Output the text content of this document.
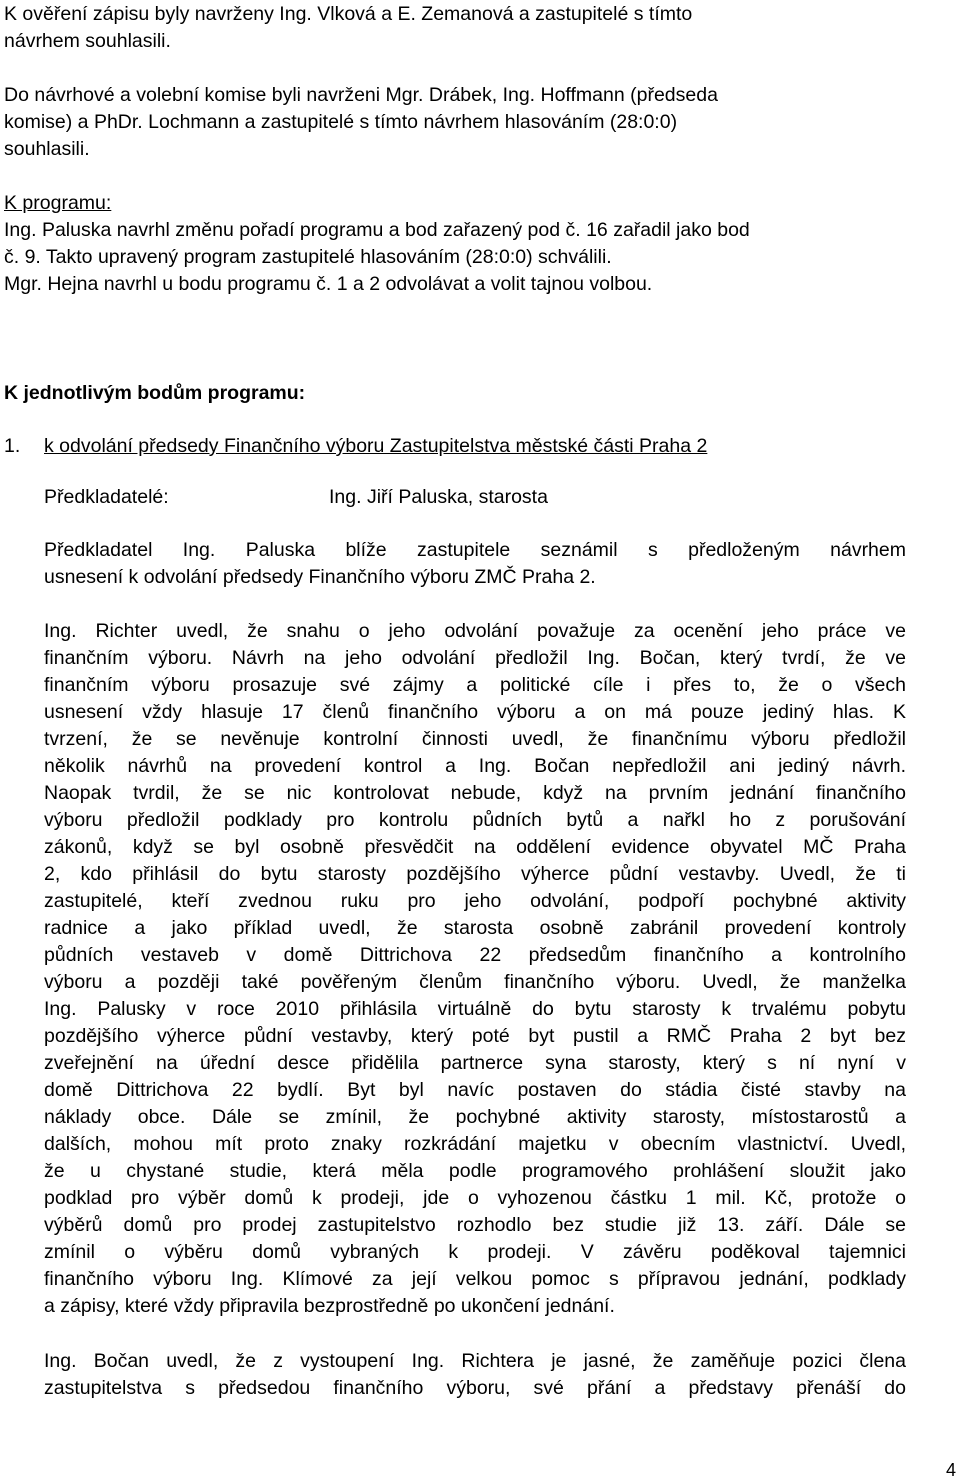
K ověření zápisu byly navrženy Ing. Vlková a E. Zemanová a zastupitelé s tímto
návrhem souhlasili.
Do návrhové a volební komise byli navrženi Mgr. Drábek, Ing. Hoffmann (předseda
komise) a PhDr. Lochmann a zastupitelé s tímto návrhem hlasováním (28:0:0)
souhlasili.
K programu:
Ing. Paluska navrhl změnu pořadí programu a bod zařazený pod č. 16 zařadil jako bod
č. 9. Takto upravený program zastupitelé hlasováním (28:0:0) schválili.
Mgr. Hejna navrhl u bodu programu č. 1 a 2 odvolávat a volit tajnou volbou.
K jednotlivým bodům programu:
1. k odvolání předsedy Finančního výboru Zastupitelstva městské části Praha 2
Předkladatelé:	Ing. Jiří Paluska, starosta
Předkladatel Ing. Paluska blíže zastupitele seznámil s předloženým návrhem
usnesení k odvolání předsedy Finančního výboru ZMČ Praha 2.
Ing. Richter uvedl, že snahu o jeho odvolání považuje za ocenění jeho práce ve
finančním výboru. Návrh na jeho odvolání předložil Ing. Bočan, který tvrdí, že ve
finančním výboru prosazuje své zájmy a politické cíle i přes to, že o všech
usnesení vždy hlasuje 17 členů finančního výboru a on má pouze jediný hlas. K
tvrzení, že se nevěnuje kontrolní činnosti uvedl, že finančnímu výboru předložil
několik návrhů na provedení kontrol a Ing. Bočan nepředložil ani jediný návrh.
Naopak tvrdil, že se nic kontrolovat nebude, když na prvním jednání finančního
výboru předložil podklady pro kontrolu půdních bytů a nařkl ho z porušování
zákonů, když se byl osobně přesvědčit na oddělení evidence obyvatel MČ Praha
2, kdo přihlásil do bytu starosty pozdějšího výherce půdní vestavby. Uvedl, že ti
zastupitelé, kteří zvednou ruku pro jeho odvolání, podpoří pochybné aktivity
radnice a jako příklad uvedl, že starosta osobně zabránil provedení kontroly
půdních vestaveb v domě Dittrichova 22 předsedům finančního a kontrolního
výboru a později také pověřeným členům finančního výboru. Uvedl, že manželka
Ing. Palusky v roce 2010 přihlásila virtuálně do bytu starosty k trvalému pobytu
pozdějšího výherce půdní vestavby, který poté byt pustil a RMČ Praha 2 byt bez
zveřejnění na úřední desce přidělila partnerce syna starosty, který s ní nyní v
domě Dittrichova 22 bydlí. Byt byl navíc postaven do stádia čisté stavby na
náklady obce. Dále se zmínil, že pochybné aktivity starosty, místostarostů a
dalších, mohou mít proto znaky rozkrádání majetku v obecním vlastnictví. Uvedl,
že u chystané studie, která měla podle programového prohlášení sloužit jako
podklad pro výběr domů k prodeji, jde o vyhozenou částku 1 mil. Kč, protože o
výběrů domů pro prodej zastupitelstvo rozhodlo bez studie již 13. září. Dále se
zmínil o výběru domů vybraných k prodeji. V závěru poděkoval tajemnici
finančního výboru Ing. Klímové za její velkou pomoc s přípravou jednání, podklady
a zápisy, které vždy připravila bezprostředně po ukončení jednání.
Ing. Bočan uvedl, že z vystoupení Ing. Richtera je jasné, že zaměňuje pozici člena
zastupitelstva s předsedou finančního výboru, své přání a představy přenáší do
4
